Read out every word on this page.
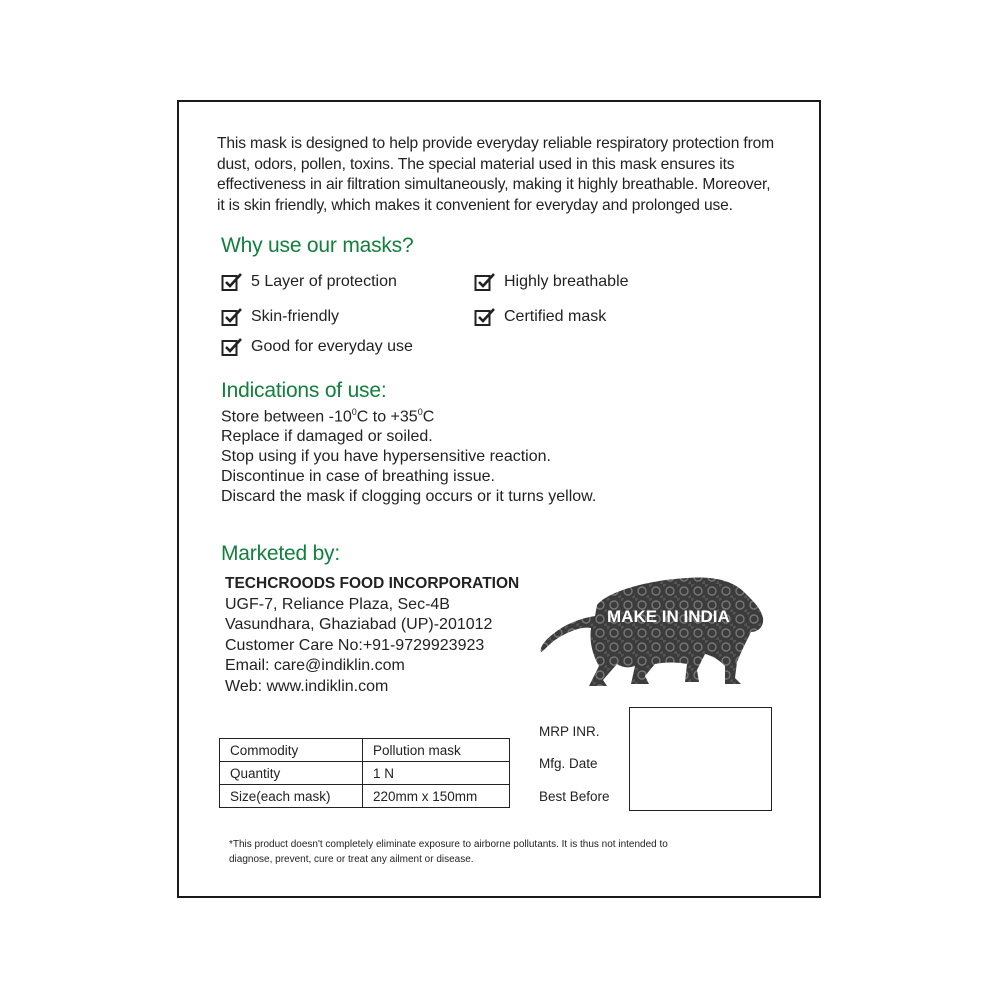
This mask is designed to help provide everyday reliable respiratory protection from dust, odors, pollen, toxins. The special material used in this mask ensures its effectiveness in air filtration simultaneously, making it highly breathable. Moreover, it is skin friendly, which makes it convenient for everyday and prolonged use.

Why use our masks?
5 Layer of protection	Highly breathable
Skin-friendly	Certified mask
Good for everyday use
Indications of use:
Store between $-10^0C$ to $+35^0C$
Replace if damaged or soiled.
Stop using if you have hypersensitive reaction.
Discontinue in case of breathing issue.
Discard the mask if clogging occurs or it turns yellow.
Marketed by:
TECHCROODS FOOD INCORPORATION
UGF-7, Reliance Plaza, Sec-4B
Vasundhara, Ghaziabad (UP)-201012
Customer Care No:+91-9729923923
Email: care@indiklin.com
Web: www.indiklin.com
MAKE IN INDIA
Commodity	Pollution mask
Quantity	1 N
Size(each mask)	220mm x 150mm
MRP INR.
Mfg. Date
Best Before

*This product doesn't completely eliminate exposure to airborne pollutants. It is thus not intended to diagnose, prevent, cure or treat any ailment or disease.
